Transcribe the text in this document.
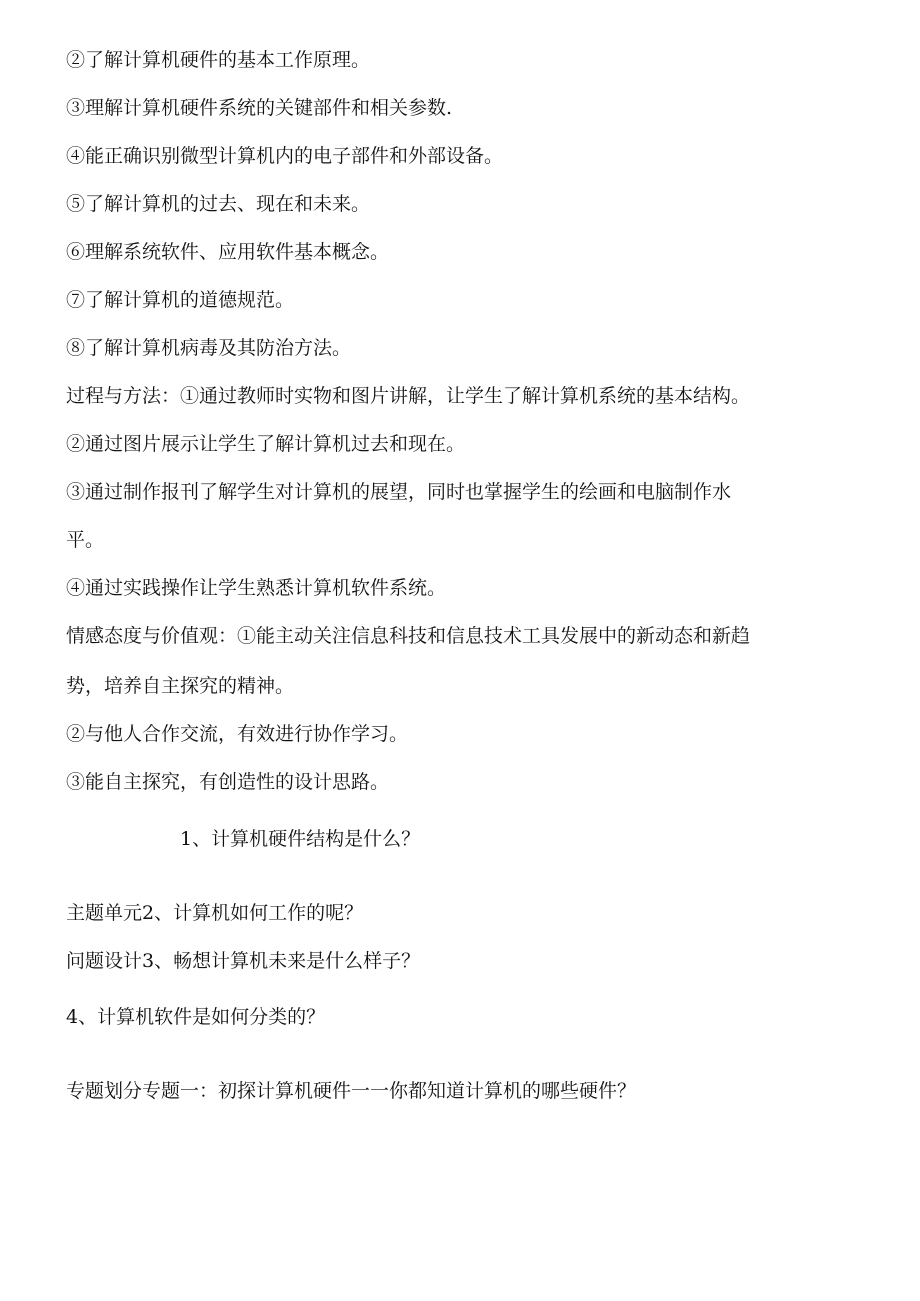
②了解计算机硬件的基本工作原理。
③理解计算机硬件系统的关键部件和相关参数.
④能正确识别微型计算机内的电子部件和外部设备。
⑤了解计算机的过去、现在和未来。
⑥理解系统软件、应用软件基本概念。
⑦了解计算机的道德规范。
⑧了解计算机病毒及其防治方法。
过程与方法：①通过教师时实物和图片讲解，让学生了解计算机系统的基本结构。
②通过图片展示让学生了解计算机过去和现在。
③通过制作报刊了解学生对计算机的展望，同时也掌握学生的绘画和电脑制作水
平。
④通过实践操作让学生熟悉计算机软件系统。
情感态度与价值观：①能主动关注信息科技和信息技术工具发展中的新动态和新趋
势，培养自主探究的精神。
②与他人合作交流，有效进行协作学习。
③能自主探究，有创造性的设计思路。
1、计算机硬件结构是什么？
主题单元2、计算机如何工作的呢？
问题设计3、畅想计算机未来是什么样子？
4、计算机软件是如何分类的？
专题划分专题一：初探计算机硬件一一你都知道计算机的哪些硬件？
